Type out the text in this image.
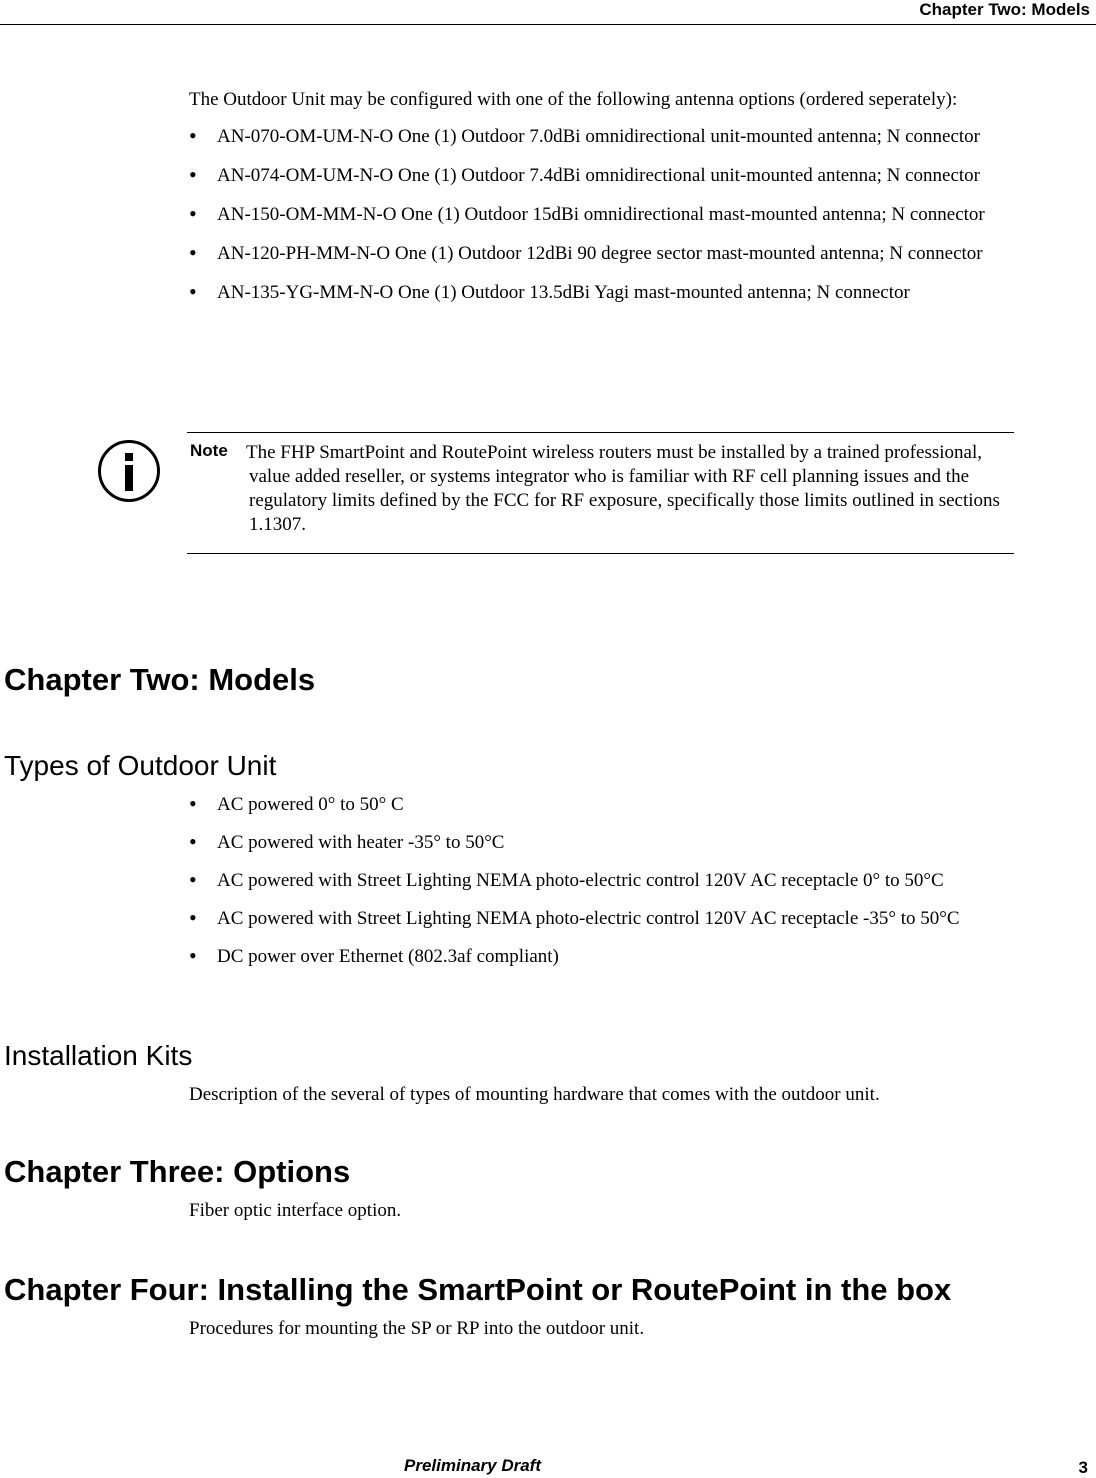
Chapter Two: Models

The Outdoor Unit may be configured with one of the following antenna options (ordered seperately):

• AN-070-OM-UM-N-O One (1) Outdoor 7.0dBi omnidirectional unit-mounted antenna; N connector
• AN-074-OM-UM-N-O One (1) Outdoor 7.4dBi omnidirectional unit-mounted antenna; N connector
• AN-150-OM-MM-N-O One (1) Outdoor 15dBi omnidirectional mast-mounted antenna; N connector
• AN-120-PH-MM-N-O One (1) Outdoor 12dBi 90 degree sector mast-mounted antenna; N connector
• AN-135-YG-MM-N-O One (1) Outdoor 13.5dBi Yagi mast-mounted antenna; N connector
Note The FHP SmartPoint and RoutePoint wireless routers must be installed by a trained professional, value added reseller, or systems integrator who is familiar with RF cell planning issues and the regulatory limits defined by the FCC for RF exposure, specifically those limits outlined in sections 1.1307.

Chapter Two: Models
Types of Outdoor Unit
• AC powered 0° to 50° C
• AC powered with heater -35° to 50°C
• AC powered with Street Lighting NEMA photo-electric control 120V AC receptacle 0° to 50°C
• AC powered with Street Lighting NEMA photo-electric control 120V AC receptacle -35° to 50°C
• DC power over Ethernet (802.3af compliant)
Installation Kits

Description of the several of types of mounting hardware that comes with the outdoor unit.

Chapter Three: Options

Fiber optic interface option.

Chapter Four: Installing the SmartPoint or RoutePoint in the box

Procedures for mounting the SP or RP into the outdoor unit.

Preliminary Draft	3
